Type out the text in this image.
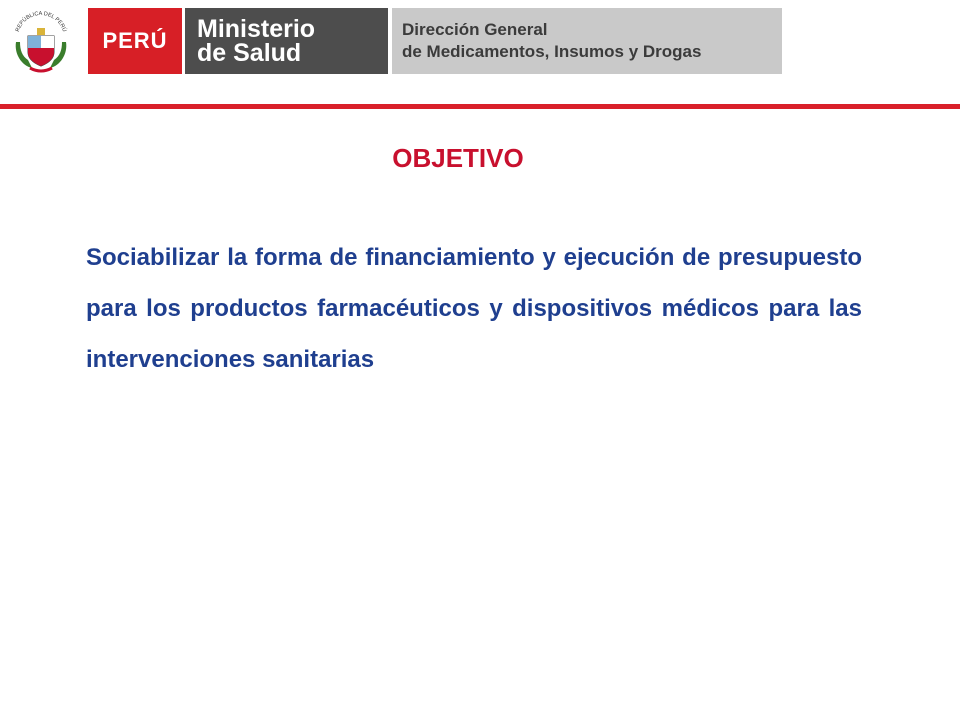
REPÚBLICA DEL PERÚ	PERÚ	Ministerio
de Salud
Dirección General
de Medicamentos, Insumos y Drogas
OBJETIVO
Sociabilizar la forma de financiamiento y ejecución de presupuesto para los productos farmacéuticos y dispositivos médicos para las intervenciones sanitarias
